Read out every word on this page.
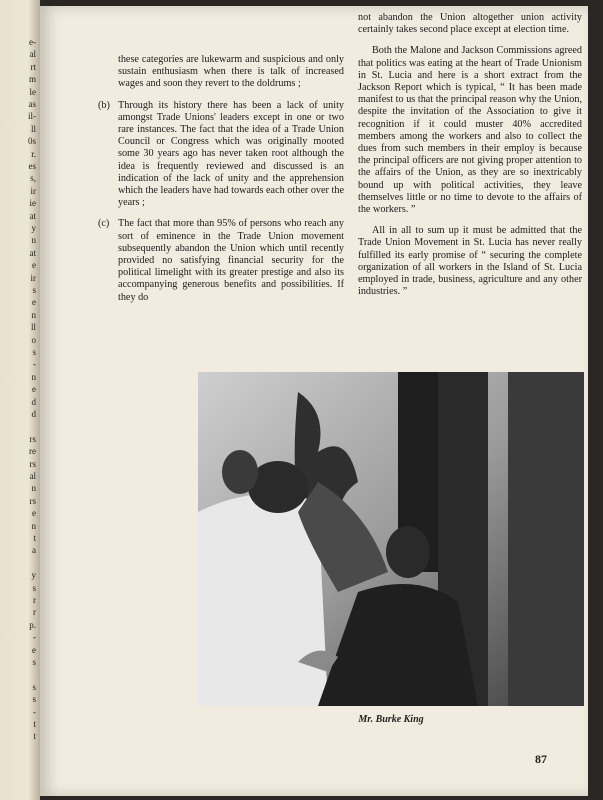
e-
al
rt
m
le
as
il-
ll
0s
r.
es
s,
ir
ie
at
y
n
at
e
ir
s
e
n
ll
o
s
-
n
e
d
d
rs
re
rs
al
n
rs
e
n
t
a
y
s
r
r
p.
-
e
s
s
s
-
t
t

these categories are lukewarm and suspicious and only sustain enthusiasm when there is talk of increased wages and soon they revert to the doldrums ;

(b) Through its history there has been a lack of unity amongst Trade Unions' leaders except in one or two rare instances. The fact that the idea of a Trade Union Council or Congress which was originally mooted some 30 years ago has never taken root although the idea is frequently reviewed and discussed is an indication of the lack of unity and the apprehension which the leaders have had towards each other over the years ;
(c) The fact that more than 95% of persons who reach any sort of eminence in the Trade Union movement subsequently abandon the Union which until recently provided no satisfying financial security for the political limelight with its greater prestige and also its accompanying generous benefits and possibilities. If they do

not abandon the Union altogether union activity certainly takes second place except at election time.

Both the Malone and Jackson Commissions agreed that politics was eating at the heart of Trade Unionism in St. Lucia and here is a short extract from the Jackson Report which is typical, “ It has been made manifest to us that the principal reason why the Union, despite the invitation of the Association to give it recognition if it could muster 40% accredited members among the workers and also to collect the dues from such members in their employ is because the principal officers are not giving proper attention to the affairs of the Union, as they are so inextricably bound up with political activities, they leave themselves little or no time to devote to the affairs of the workers. ”

All in all to sum up it must be admitted that the Trade Union Movement in St. Lucia has never really fulfilled its early promise of “ securing the complete organization of all workers in the Island of St. Lucia employed in trade, business, agriculture and any other industries. ”

Mr. Burke King
87
